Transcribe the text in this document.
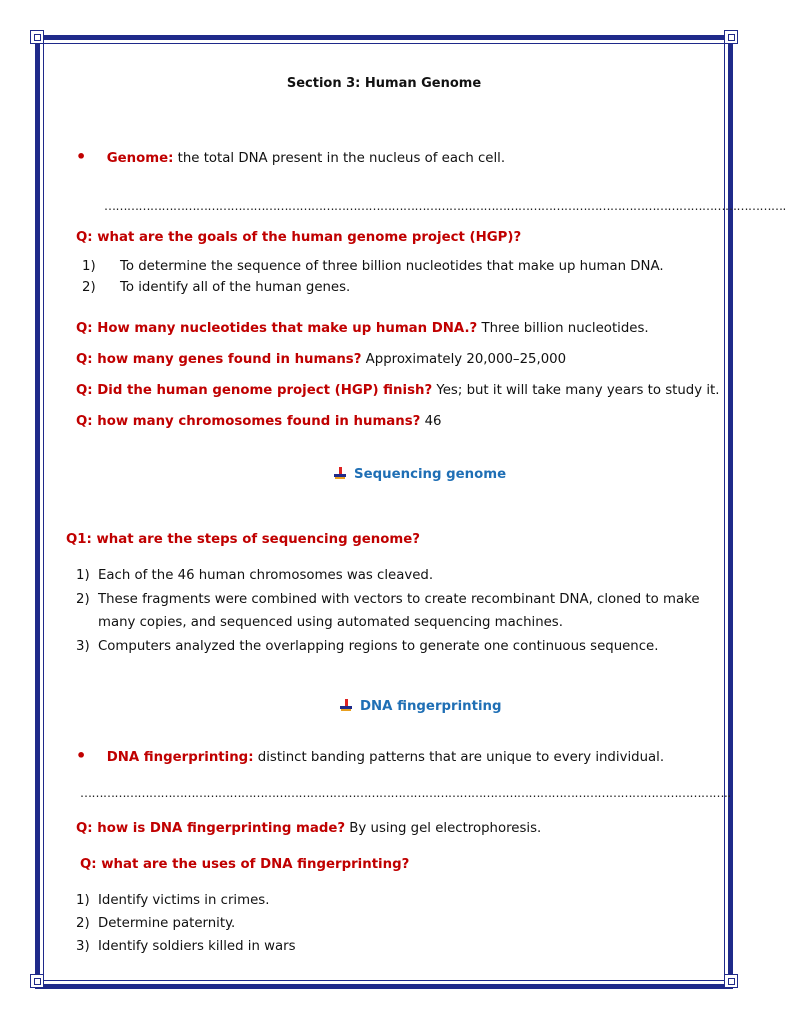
Section 3: Human Genome
• Genome: the total DNA present in the nucleus of each cell.
…………………………………………………………………………………………………………………………………………………………….
Q: what are the goals of the human genome project (HGP)?
1) To determine the sequence of three billion nucleotides that make up human DNA.
2) To identify all of the human genes.
Q: How many nucleotides that make up human DNA.? Three billion nucleotides.
Q: how many genes found in humans? Approximately 20,000–25,000
Q: Did the human genome project (HGP) finish? Yes; but it will take many years to study it.
Q: how many chromosomes found in humans? 46
Sequencing genome
Q1: what are the steps of sequencing genome?
1) Each of the 46 human chromosomes was cleaved.
2) These fragments were combined with vectors to create recombinant DNA, cloned to make
many copies, and sequenced using automated sequencing machines.
3) Computers analyzed the overlapping regions to generate one continuous sequence.
DNA fingerprinting
• DNA fingerprinting: distinct banding patterns that are unique to every individual.
……………………………………………………………………………………………………………………………………………………..
Q: how is DNA fingerprinting made? By using gel electrophoresis.
Q: what are the uses of DNA fingerprinting?
1) Identify victims in crimes.
2) Determine paternity.
3) Identify soldiers killed in wars
